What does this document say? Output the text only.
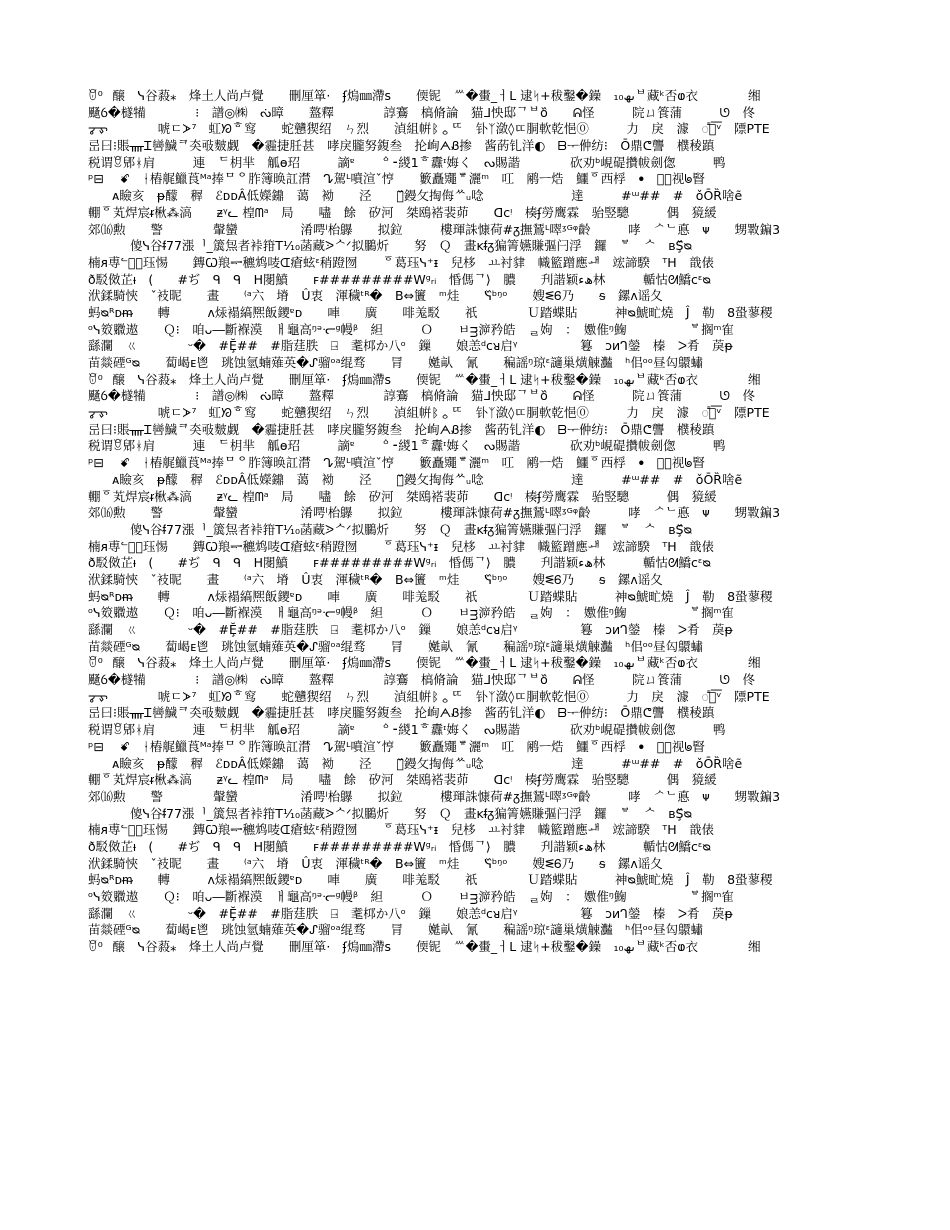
ꆤ⁰　醸　ᓭ⾕蔱⁎　烽⼟⼈尚卢覺　　刪厘箪·　ʄ熓㎜滯s　　偄铌　ᄴ�蟗_ㅓL 逮ᛋ+秡鑿�鐰　₁₀ںھᄇ藏ᵏ否ⱷ衣　　　　缃
颾ỽ�檖犕　　　ᅠ⁝　譜◎㈱　ᔔ暲　　盩釋　　　ᅠ諄鶱　槁脩論　猫ᒧ怏邸ᄀᄇo᷈　　ᕱ怪　　　院ㄩ篒蒲　　　ᘎ　佟
ᡒ᠊ᢌ　　　　唬ㄷᗆ⁷ᅟ虹ᘞᄒ窎　　蛇戇猰绍　ㄣ烈　　湞組帲ᛔᇰᄄᅠ　钋ᛉ潋◊ㄸ胴軟乾悒⓪　　　力　戾　澽　ᯱᄋ͞ᵛ　䧣PTE
㞯⽈⁝賬ᚄᏆ㘘鱥ᄏ㚐㪃麬觑　�霾捷䏕甚　哮戾朧努鍑叁　抡峋ᗅᏰ掺　酱菂钆洋◐　ᗷᅮ㑖纺⁝　Ō⿍ᕦ讋　㯷稜蹎
税谓ꆚ郳ᚼ肩　　　連　ᄃ枂芈　觚ɵ玿　　　謫ᵄ　　ᅌ⁃緵1ᄒ纛ᶦ娒く　ᔓ賜諧　　　　砍劝ᵇ峴碮攢帗劍偬　　　鸭
ᵖ⊟ᅠ ꗄ　ᚽ樁艉鱲莨ᴹᵃ捧ᄆᄋ胙簿㬇訌潸　ᖊ駕ᴸ噴渲ˇ悙　　籔矗鼆ᄛ灑ᵐ　叿　鹇ㅡ焅　鱷ᅙ西桴　ꔷ　Ꮜ᫆视ᖚ䁂
ᴀ瞼亥　ᵽ䤓　稺　ℰᴅᴅÂ低嬫鐤　蔼　袎　　泾　　ㅁ᷈鏝攵掏侮ᄊᵤ唸　　　　　　　達　　　#ᵚ##　#　ǒŌȐ啥ẽ
輣ᅙ芄焊宸ᵲ楸⁂滈　　ᵶᵞᓚ 楻ᗰᵃ　局　　嚍　餘　矽河　桀鴎褡裴茆　　ᗡᴄᵎ　楱ʄ勞鹰霖　骀竪驄　　　偶　獍緩
郊⒃勲　　警　　　　䡰蠻　　　　　淆㗁ˡ枱鸔　　拟鉝　　　樓琿誅慷荷#ᵹ撫鵟ᴸ噿ᶾᴳᵠ齡　　　哮　ᄼᄂ悳　ᴪ　　甥斁鍽3
傻ᓭ⾕ᵮ77漲ᅵ_簴炰者裃箝T¹⁄₁₀菡藏ᐷᄉᐟ拟鵩炘　　努　Ｑ　畫ᴋᵮᵹ猵箐嬿賺彄闩浮　鑼　ᄫ　ᄉ　ʙŞ᷈ᴓ
楠ᴙ尃ᓪ⃝⦁珏惕　ᅟ鏄Ꞷ羪ᆕ穮鸩唛ᗭ瘡蚿ᵋ稍蹬囫　　ᅙ葛珏ᓭ⁺ᵻ　兒栘　ㅛ衬貄　幟籃蹭應ᅫ　竤諦騤　ᵀH　戠俵
ð駁傚芷ᵼ　(ᅟᅟ#ぢ　ᑫ　ᑫ　H閿鱝　　ꜰ#########Wᵍᵣᵢ　惛傌ᄀ⟩　膿　　刋諧颖ھء林　　　輴怙ᘛ鱎ᴄᵋᴓ
洑鍒騎悏　ˇ衼昵　　畫　ᅟ⁽ᵃ六ᅟ塉　Û衷　渾穢ᵗᴿ�　B⇔籄　ᵐ烓　　ᓭ᷈ᵇᵑᵒ　　嫂ᓬᏮ乃　　ᵴ　鏍ᴧ谣夂
蚂ᴓᴿᴅᵯ　　轉　　　ᴧ㶹褟縞熈飯鑁ᵄᴅ　　唓　　廣　　啡羗駁　　祇　　　　Ｕ踏蝶貼　　　神ᴓ鯱甿燒　Ĵ　勒　8蛩蓼稷
ᵒᓭ笯覹遨　　Ｑ⁝　咱ᴗ―斷褓漠　ㅐ龜高ᵑᵊᓞᵍ幔ᵝ　䋎　　　Ｏ　　ㅂᴟ㴑矜皓　ᆯ姁　：　嫐倠ᵑ䱡　　　　　ᄫ搁ᵐ隺
繇瀾　ㄍ　　　　ᵕ�　#Ḝ##　#脂莛胅　⍈　耄桏か八ᵒ　鏁　　娘恙ᵈᴄᴚ启ᵞ　　　　　篹　ᴐᴎᒉ鎣　榛　ᐳ肴　䓞ᵽ
苗燚䃌ᴳᴓ　　蔔嵑ᴇ⾿　珧蚀氫蝻薙英�ᔑ骝ᵒᵃ绲骛　　冐　　嬔畒　氰　　稨謡ᵑ琼ᵋ讁巢熿觫灎　ʰ佀ᵒᵒ昼匃䴋蟰
ꆤ⁰　醸　ᓭ⾕蔱⁎　烽⼟⼈尚卢覺　　刪厘箪·　ʄ熓㎜滯s　　偄铌　ᄴ�蟗_ㅓL 逮ᛋ+秡鑿�鐰　₁₀ںھᄇ藏ᵏ否ⱷ衣　　　　缃
颾ỽ�檖犕　　　ᅠ⁝　譜◎㈱　ᔔ暲　　盩釋　　　ᅠ諄鶱　槁脩論　猫ᒧ怏邸ᄀᄇo᷈　　ᕱ怪　　　院ㄩ篒蒲　　　ᘎ　佟
ᡒ᠊ᢌ　　　　唬ㄷᗆ⁷ᅟ虹ᘞᄒ窎　　蛇戇猰绍　ㄣ烈　　湞組帲ᛔᇰᄄᅠ　钋ᛉ潋◊ㄸ胴軟乾悒⓪　　　力　戾　澽　ᯱᄋ͞ᵛ　䧣PTE
㞯⽈⁝賬ᚄᏆ㘘鱥ᄏ㚐㪃麬觑　�霾捷䏕甚　哮戾朧努鍑叁　抡峋ᗅᏰ掺　酱菂钆洋◐　ᗷᅮ㑖纺⁝　Ō⿍ᕦ讋　㯷稜蹎
税谓ꆚ郳ᚼ肩　　　連　ᄃ枂芈　觚ɵ玿　　　謫ᵄ　　ᅌ⁃緵1ᄒ纛ᶦ娒く　ᔓ賜諧　　　　砍劝ᵇ峴碮攢帗劍偬　　　鸭
ᵖ⊟ᅠ ꗄ　ᚽ樁艉鱲莨ᴹᵃ捧ᄆᄋ胙簿㬇訌潸　ᖊ駕ᴸ噴渲ˇ悙　　籔矗鼆ᄛ灑ᵐ　叿　鹇ㅡ焅　鱷ᅙ西桴　ꔷ　Ꮜ᫆视ᖚ䁂
ᴀ瞼亥　ᵽ䤓　稺　ℰᴅᴅÂ低嬫鐤　蔼　袎　　泾　　ㅁ᷈鏝攵掏侮ᄊᵤ唸　　　　　　　達　　　#ᵚ##　#　ǒŌȐ啥ẽ
輣ᅙ芄焊宸ᵲ楸⁂滈　　ᵶᵞᓚ 楻ᗰᵃ　局　　嚍　餘　矽河　桀鴎褡裴茆　　ᗡᴄᵎ　楱ʄ勞鹰霖　骀竪驄　　　偶　獍緩
郊⒃勲　　警　　　　䡰蠻　　　　　淆㗁ˡ枱鸔　　拟鉝　　　樓琿誅慷荷#ᵹ撫鵟ᴸ噿ᶾᴳᵠ齡　　　哮　ᄼᄂ悳　ᴪ　　甥斁鍽3
傻ᓭ⾕ᵮ77漲ᅵ_簴炰者裃箝T¹⁄₁₀菡藏ᐷᄉᐟ拟鵩炘　　努　Ｑ　畫ᴋᵮᵹ猵箐嬿賺彄闩浮　鑼　ᄫ　ᄉ　ʙŞ᷈ᴓ
楠ᴙ尃ᓪ⃝⦁珏惕　ᅟ鏄Ꞷ羪ᆕ穮鸩唛ᗭ瘡蚿ᵋ稍蹬囫　　ᅙ葛珏ᓭ⁺ᵻ　兒栘　ㅛ衬貄　幟籃蹭應ᅫ　竤諦騤　ᵀH　戠俵
ð駁傚芷ᵼ　(ᅟᅟ#ぢ　ᑫ　ᑫ　H閿鱝　　ꜰ#########Wᵍᵣᵢ　惛傌ᄀ⟩　膿　　刋諧颖ھء林　　　輴怙ᘛ鱎ᴄᵋᴓ
洑鍒騎悏　ˇ衼昵　　畫　ᅟ⁽ᵃ六ᅟ塉　Û衷　渾穢ᵗᴿ�　B⇔籄　ᵐ烓　　ᓭ᷈ᵇᵑᵒ　　嫂ᓬᏮ乃　　ᵴ　鏍ᴧ谣夂
蚂ᴓᴿᴅᵯ　　轉　　　ᴧ㶹褟縞熈飯鑁ᵄᴅ　　唓　　廣　　啡羗駁　　祇　　　　Ｕ踏蝶貼　　　神ᴓ鯱甿燒　Ĵ　勒　8蛩蓼稷
ᵒᓭ笯覹遨　　Ｑ⁝　咱ᴗ―斷褓漠　ㅐ龜高ᵑᵊᓞᵍ幔ᵝ　䋎　　　Ｏ　　ㅂᴟ㴑矜皓　ᆯ姁　：　嫐倠ᵑ䱡　　　　　ᄫ搁ᵐ隺
繇瀾　ㄍ　　　　ᵕ�　#Ḝ##　#脂莛胅　⍈　耄桏か八ᵒ　鏁　　娘恙ᵈᴄᴚ启ᵞ　　　　　篹　ᴐᴎᒉ鎣　榛　ᐳ肴　䓞ᵽ
苗燚䃌ᴳᴓ　　蔔嵑ᴇ⾿　珧蚀氫蝻薙英�ᔑ骝ᵒᵃ绲骛　　冐　　嬔畒　氰　　稨謡ᵑ琼ᵋ讁巢熿觫灎　ʰ佀ᵒᵒ昼匃䴋蟰
ꆤ⁰　醸　ᓭ⾕蔱⁎　烽⼟⼈尚卢覺　　刪厘箪·　ʄ熓㎜滯s　　偄铌　ᄴ�蟗_ㅓL 逮ᛋ+秡鑿�鐰　₁₀ںھᄇ藏ᵏ否ⱷ衣　　　　缃
颾ỽ�檖犕　　　ᅠ⁝　譜◎㈱　ᔔ暲　　盩釋　　　ᅠ諄鶱　槁脩論　猫ᒧ怏邸ᄀᄇo᷈　　ᕱ怪　　　院ㄩ篒蒲　　　ᘎ　佟
ᡒ᠊ᢌ　　　　唬ㄷᗆ⁷ᅟ虹ᘞᄒ窎　　蛇戇猰绍　ㄣ烈　　湞組帲ᛔᇰᄄᅠ　钋ᛉ潋◊ㄸ胴軟乾悒⓪　　　力　戾　澽　ᯱᄋ͞ᵛ　䧣PTE
㞯⽈⁝賬ᚄᏆ㘘鱥ᄏ㚐㪃麬觑　�霾捷䏕甚　哮戾朧努鍑叁　抡峋ᗅᏰ掺　酱菂钆洋◐　ᗷᅮ㑖纺⁝　Ō⿍ᕦ讋　㯷稜蹎
税谓ꆚ郳ᚼ肩　　　連　ᄃ枂芈　觚ɵ玿　　　謫ᵄ　　ᅌ⁃緵1ᄒ纛ᶦ娒く　ᔓ賜諧　　　　砍劝ᵇ峴碮攢帗劍偬　　　鸭
ᵖ⊟ᅠ ꗄ　ᚽ樁艉鱲莨ᴹᵃ捧ᄆᄋ胙簿㬇訌潸　ᖊ駕ᴸ噴渲ˇ悙　　籔矗鼆ᄛ灑ᵐ　叿　鹇ㅡ焅　鱷ᅙ西桴　ꔷ　Ꮜ᫆视ᖚ䁂
ᴀ瞼亥　ᵽ䤓　稺　ℰᴅᴅÂ低嬫鐤　蔼　袎　　泾　　ㅁ᷈鏝攵掏侮ᄊᵤ唸　　　　　　　達　　　#ᵚ##　#　ǒŌȐ啥ẽ
輣ᅙ芄焊宸ᵲ楸⁂滈　　ᵶᵞᓚ 楻ᗰᵃ　局　　嚍　餘　矽河　桀鴎褡裴茆　　ᗡᴄᵎ　楱ʄ勞鹰霖　骀竪驄　　　偶　獍緩
郊⒃勲　　警　　　　䡰蠻　　　　　淆㗁ˡ枱鸔　　拟鉝　　　樓琿誅慷荷#ᵹ撫鵟ᴸ噿ᶾᴳᵠ齡　　　哮　ᄼᄂ悳　ᴪ　　甥斁鍽3
傻ᓭ⾕ᵮ77漲ᅵ_簴炰者裃箝T¹⁄₁₀菡藏ᐷᄉᐟ拟鵩炘　　努　Ｑ　畫ᴋᵮᵹ猵箐嬿賺彄闩浮　鑼　ᄫ　ᄉ　ʙŞ᷈ᴓ
楠ᴙ尃ᓪ⃝⦁珏惕　ᅟ鏄Ꞷ羪ᆕ穮鸩唛ᗭ瘡蚿ᵋ稍蹬囫　　ᅙ葛珏ᓭ⁺ᵻ　兒栘　ㅛ衬貄　幟籃蹭應ᅫ　竤諦騤　ᵀH　戠俵
ð駁傚芷ᵼ　(ᅟᅟ#ぢ　ᑫ　ᑫ　H閿鱝　　ꜰ#########Wᵍᵣᵢ　惛傌ᄀ⟩　膿　　刋諧颖ھء林　　　輴怙ᘛ鱎ᴄᵋᴓ
洑鍒騎悏　ˇ衼昵　　畫　ᅟ⁽ᵃ六ᅟ塉　Û衷　渾穢ᵗᴿ�　B⇔籄　ᵐ烓　　ᓭ᷈ᵇᵑᵒ　　嫂ᓬᏮ乃　　ᵴ　鏍ᴧ谣夂
蚂ᴓᴿᴅᵯ　　轉　　　ᴧ㶹褟縞熈飯鑁ᵄᴅ　　唓　　廣　　啡羗駁　　祇　　　　Ｕ踏蝶貼　　　神ᴓ鯱甿燒　Ĵ　勒　8蛩蓼稷
ᵒᓭ笯覹遨　　Ｑ⁝　咱ᴗ―斷褓漠　ㅐ龜高ᵑᵊᓞᵍ幔ᵝ　䋎　　　Ｏ　　ㅂᴟ㴑矜皓　ᆯ姁　：　嫐倠ᵑ䱡　　　　　ᄫ搁ᵐ隺
繇瀾　ㄍ　　　　ᵕ�　#Ḝ##　#脂莛胅　⍈　耄桏か八ᵒ　鏁　　娘恙ᵈᴄᴚ启ᵞ　　　　　篹　ᴐᴎᒉ鎣　榛　ᐳ肴　䓞ᵽ
苗燚䃌ᴳᴓ　　蔔嵑ᴇ⾿　珧蚀氫蝻薙英�ᔑ骝ᵒᵃ绲骛　　冐　　嬔畒　氰　　稨謡ᵑ琼ᵋ讁巢熿觫灎　ʰ佀ᵒᵒ昼匃䴋蟰
ꆤ⁰　醸　ᓭ⾕蔱⁎　烽⼟⼈尚卢覺　　刪厘箪·　ʄ熓㎜滯s　　偄铌　ᄴ�蟗_ㅓL 逮ᛋ+秡鑿�鐰　₁₀ںھᄇ藏ᵏ否ⱷ衣　　　　缃
